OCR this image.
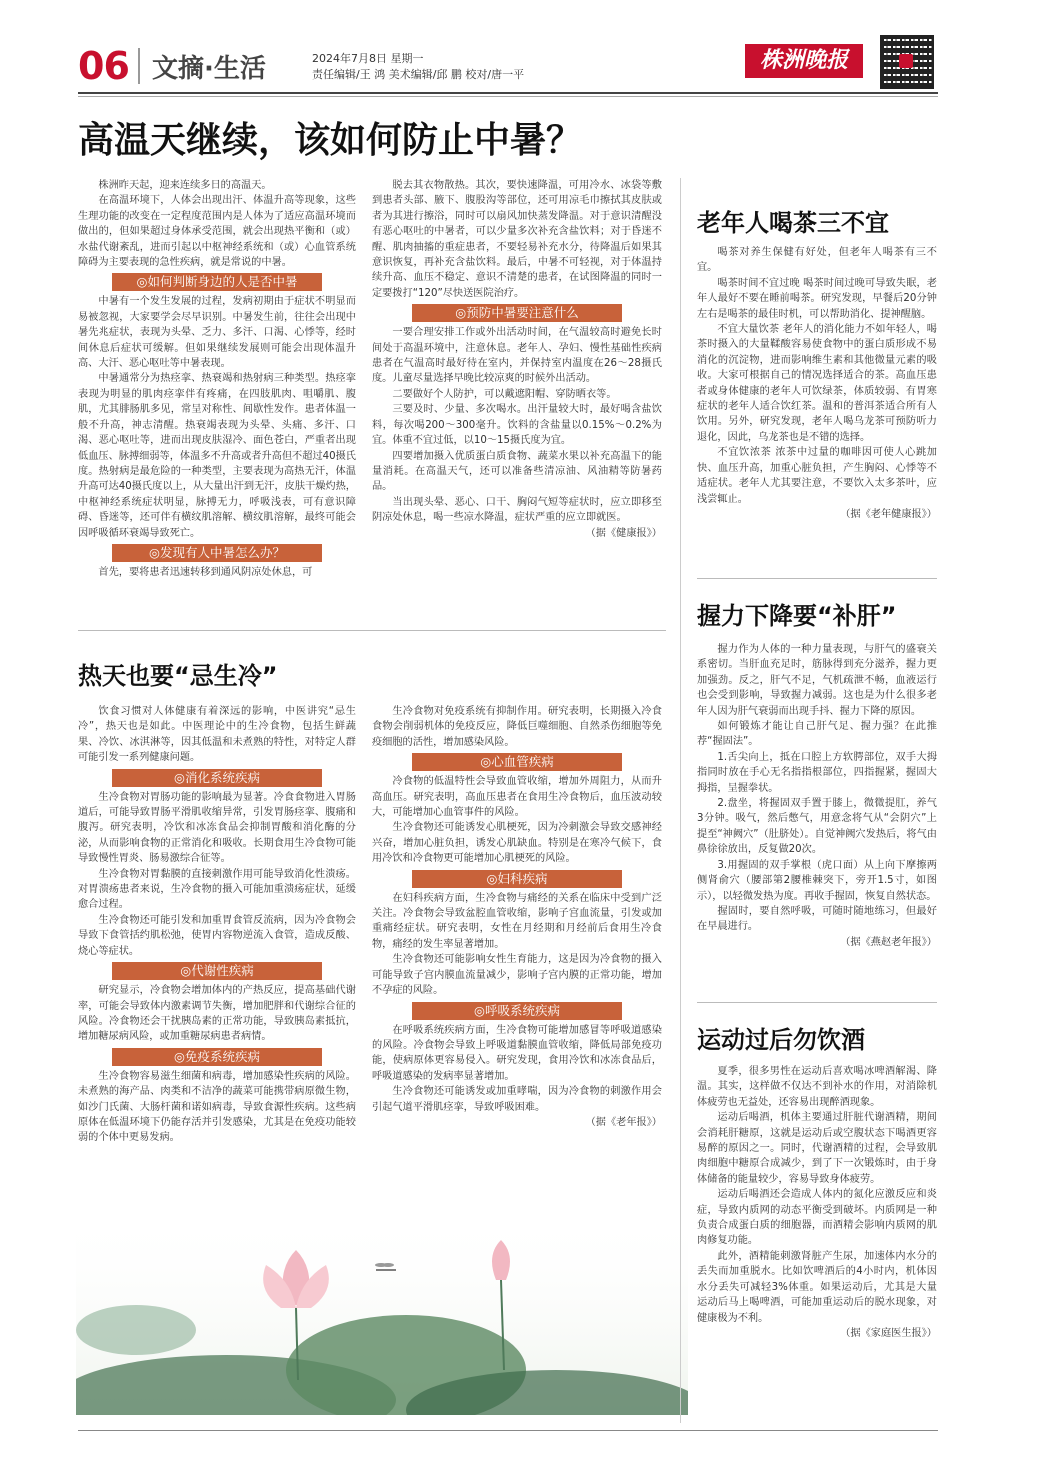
06 文摘·生活	2024年7月8日 星期一
责任编辑/王 鸿 美术编辑/邱 鹏 校对/唐一平
株洲晚报
高温天继续，该如何防止中暑？

株洲昨天起，迎来连续多日的高温天。

在高温环境下，人体会出现出汗、体温升高等现象，这些生理功能的改变在一定程度范围内是人体为了适应高温环境而做出的，但如果超过身体承受范围，就会出现热平衡和（或）水盐代谢紊乱，进而引起以中枢神经系统和（或）心血管系统障碍为主要表现的急性疾病，就是常说的中暑。

◎如何判断身边的人是否中暑

中暑有一个发生发展的过程，发病初期由于症状不明显而易被忽视，大家要学会尽早识别。中暑发生前，往往会出现中暑先兆症状，表现为头晕、乏力、多汗、口渴、心悸等，经时间休息后症状可缓解。但如果继续发展则可能会出现体温升高、大汗、恶心呕吐等中暑表现。

中暑通常分为热痉挛、热衰竭和热射病三种类型。热痉挛表现为明显的肌肉痉挛伴有疼痛，在四肢肌肉、咀嚼肌、腹肌，尤其腓肠肌多见，常呈对称性、间歇性发作。患者体温一般不升高，神志清醒。热衰竭表现为头晕、头痛、多汗、口渴、恶心呕吐等，进而出现皮肤湿冷、面色苍白，严重者出现低血压、脉搏细弱等，体温多不升高或者升高但不超过40摄氏度。热射病是最危险的一种类型，主要表现为高热无汗，体温升高可达40摄氏度以上，从大量出汗到无汗，皮肤干燥灼热，中枢神经系统症状明显，脉搏无力，呼吸浅表，可有意识障碍、昏迷等，还可伴有横纹肌溶解、横纹肌溶解，最终可能会因呼吸循环衰竭导致死亡。

◎发现有人中暑怎么办？

首先，要将患者迅速转移到通风阴凉处休息，可

脱去其衣物散热。其次，要快速降温，可用冷水、冰袋等敷到患者头部、腋下、腹股沟等部位，还可用凉毛巾擦拭其皮肤或者为其进行擦浴，同时可以扇风加快蒸发降温。对于意识清醒没有恶心呕吐的中暑者，可以少量多次补充含盐饮料；对于昏迷不醒、肌肉抽搐的重症患者，不要轻易补充水分，待降温后如果其意识恢复，再补充含盐饮料。最后，中暑不可轻视，对于体温持续升高、血压不稳定、意识不清楚的患者，在试图降温的同时一定要拨打“120”尽快送医院治疗。

◎预防中暑要注意什么

一要合理安排工作或外出活动时间，在气温较高时避免长时间处于高温环境中，注意休息。老年人、孕妇、慢性基础性疾病患者在气温高时最好待在室内，并保持室内温度在26～28摄氏度。儿童尽量选择早晚比较凉爽的时候外出活动。

二要做好个人防护，可以戴遮阳帽、穿防晒衣等。

三要及时、少量、多次喝水。出汗量较大时，最好喝含盐饮料，每次喝200～300毫升。饮料的含盐量以0.15%～0.2%为宜。体重不宜过低，以10～15摄氏度为宜。

四要增加摄入优质蛋白质食物、蔬菜水果以补充高温下的能量消耗。在高温天气，还可以准备些清凉油、风油精等防暑药品。

当出现头晕、恶心、口干、胸闷气短等症状时，应立即移至阴凉处休息，喝一些凉水降温，症状严重的应立即就医。

（据《健康报》）

热天也要“忌生冷”

饮食习惯对人体健康有着深远的影响，中医讲究“忌生冷”，热天也是如此。中医理论中的生冷食物，包括生鲜蔬果、冷饮、冰淇淋等，因其低温和未煮熟的特性，对特定人群可能引发一系列健康问题。

◎消化系统疾病

生冷食物对胃肠功能的影响最为显著。冷食食物进入胃肠道后，可能导致胃肠平滑肌收缩异常，引发胃肠痉挛、腹痛和腹泻。研究表明，冷饮和冰冻食品会抑制胃酸和消化酶的分泌，从而影响食物的正常消化和吸收。长期食用生冷食物可能导致慢性胃炎、肠易激综合征等。

生冷食物对胃黏膜的直接刺激作用可能导致消化性溃疡。对胃溃疡患者来说，生冷食物的摄入可能加重溃疡症状，延缓愈合过程。

生冷食物还可能引发和加重胃食管反流病，因为冷食物会导致下食管括约肌松弛，使胃内容物逆流入食管，造成反酸、烧心等症状。

◎代谢性疾病

研究显示，冷食物会增加体内的产热反应，提高基础代谢率，可能会导致体内激素调节失衡，增加肥胖和代谢综合征的风险。冷食物还会干扰胰岛素的正常功能，导致胰岛素抵抗，增加糖尿病风险，或加重糖尿病患者病情。

◎免疫系统疾病

生冷食物容易滋生细菌和病毒，增加感染性疾病的风险。未煮熟的海产品、肉类和不洁净的蔬菜可能携带病原微生物，如沙门氏菌、大肠杆菌和诺如病毒，导致食源性疾病。这些病原体在低温环境下仍能存活并引发感染，尤其是在免疫功能较弱的个体中更易发病。

生冷食物对免疫系统有抑制作用。研究表明，长期摄入冷食食物会削弱机体的免疫反应，降低巨噬细胞、自然杀伤细胞等免疫细胞的活性，增加感染风险。

◎心血管疾病

冷食物的低温特性会导致血管收缩，增加外周阻力，从而升高血压。研究表明，高血压患者在食用生冷食物后，血压波动较大，可能增加心血管事件的风险。

生冷食物还可能诱发心肌梗死，因为冷刺激会导致交感神经兴奋，增加心脏负担，诱发心肌缺血。特别是在寒冷气候下，食用冷饮和冷食物更可能增加心肌梗死的风险。

◎妇科疾病

在妇科疾病方面，生冷食物与痛经的关系在临床中受到广泛关注。冷食物会导致盆腔血管收缩，影响子宫血流量，引发或加重痛经症状。研究表明，女性在月经期和月经前后食用生冷食物，痛经的发生率显著增加。

生冷食物还可能影响女性生育能力，这是因为冷食物的摄入可能导致子宫内膜血流量减少，影响子宫内膜的正常功能，增加不孕症的风险。

◎呼吸系统疾病

在呼吸系统疾病方面，生冷食物可能增加感冒等呼吸道感染的风险。冷食物会导致上呼吸道黏膜血管收缩，降低局部免疫功能，使病原体更容易侵入。研究发现，食用冷饮和冰冻食品后，呼吸道感染的发病率显著增加。

生冷食物还可能诱发或加重哮喘，因为冷食物的刺激作用会引起气道平滑肌痉挛，导致呼吸困难。

（据《老年报》）

老年人喝茶三不宜

喝茶对养生保健有好处，但老年人喝茶有三不宜。

喝茶时间不宜过晚 喝茶时间过晚可导致失眠，老年人最好不要在睡前喝茶。研究发现，早餐后20分钟左右是喝茶的最佳时机，可以帮助消化、提神醒脑。

不宜大量饮茶 老年人的消化能力不如年轻人，喝茶时摄入的大量鞣酸容易使食物中的蛋白质形成不易消化的沉淀物，进而影响维生素和其他微量元素的吸收。大家可根据自己的情况选择适合的茶。高血压患者或身体健康的老年人可饮绿茶，体质较弱、有胃寒症状的老年人适合饮红茶。温和的普洱茶适合所有人饮用。另外，研究发现，老年人喝乌龙茶可预防听力退化，因此，乌龙茶也是不错的选择。

不宜饮浓茶 浓茶中过量的咖啡因可使人心跳加快、血压升高，加重心脏负担，产生胸闷、心悸等不适症状。老年人尤其要注意，不要饮入太多茶叶，应浅尝辄止。

（据《老年健康报》）

握力下降要“补肝”

握力作为人体的一种力量表现，与肝气的盛衰关系密切。当肝血充足时，筋脉得到充分滋养，握力更加强劲。反之，肝气不足，气机疏泄不畅，血液运行也会受到影响，导致握力减弱。这也是为什么很多老年人因为肝气衰弱而出现手抖、握力下降的原因。

如何锻炼才能让自己肝气足、握力强？在此推荐“握固法”。

1.舌尖向上，抵在口腔上方软腭部位，双手大拇指同时放在手心无名指指根部位，四指握紧，握固大拇指，呈握拳状。

2.盘坐，将握固双手置于膝上，微微提肛，养气3分钟。吸气，然后憋气，用意念将气从“会阴穴”上提至“神阙穴”（肚脐处）。自觉神阙穴发热后，将气由鼻徐徐放出，反复做20次。

3.用握固的双手掌根（虎口面）从上向下摩擦两侧肾俞穴（腰部第2腰椎棘突下，旁开1.5寸，如图示），以轻微发热为度。再收手握固，恢复自然状态。

握固时，要自然呼吸，可随时随地练习，但最好在早晨进行。

（据《燕赵老年报》）

运动过后勿饮酒

夏季，很多男性在运动后喜欢喝冰啤酒解渴、降温。其实，这样做不仅达不到补水的作用，对消除机体疲劳也无益处，还容易出现醉酒现象。

运动后喝酒，机体主要通过肝脏代谢酒精，期间会消耗肝糖原，这就是运动后或空腹状态下喝酒更容易醉的原因之一。同时，代谢酒精的过程，会导致肌肉细胞中糖原合成减少，到了下一次锻炼时，由于身体储备的能量较少，容易导致身体疲劳。

运动后喝酒还会造成人体内的氮化应激反应和炎症，导致内质网的动态平衡受到破坏。内质网是一种负责合成蛋白质的细胞器，而酒精会影响内质网的肌肉修复功能。

此外，酒精能刺激肾脏产生尿，加速体内水分的丢失而加重脱水。比如饮啤酒后的4小时内，机体因水分丢失可减轻3%体重。如果运动后，尤其是大量运动后马上喝啤酒，可能加重运动后的脱水现象，对健康极为不利。

（据《家庭医生报》）
